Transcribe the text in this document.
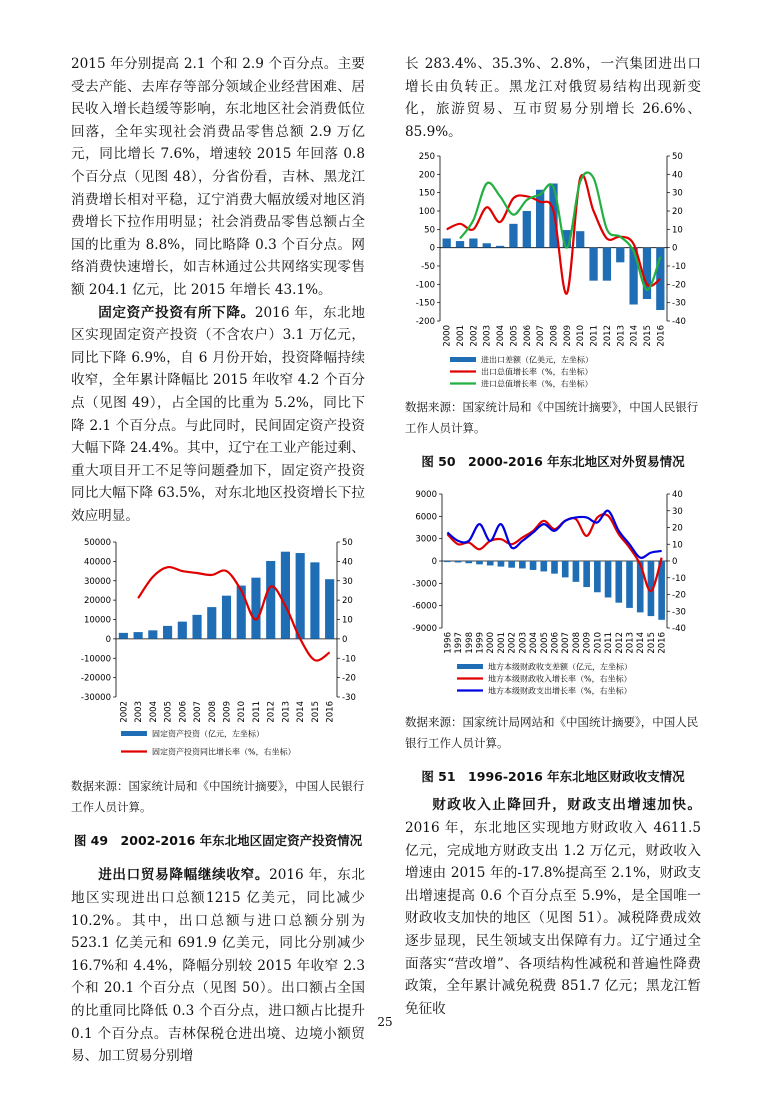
2015 年分别提高 2.1 个和 2.9 个百分点。主要受去产能、去库存等部分领域企业经营困难、居民收入增长趋缓等影响，东北地区社会消费低位回落，全年实现社会消费品零售总额 2.9 万亿元，同比增长 7.6%，增速较 2015 年回落 0.8 个百分点（见图 48），分省份看，吉林、黑龙江消费增长相对平稳，辽宁消费大幅放缓对地区消费增长下拉作用明显；社会消费品零售总额占全国的比重为 8.8%，同比略降 0.3 个百分点。网络消费快速增长，如吉林通过公共网络实现零售额 204.1 亿元，比 2015 年增长 43.1%。

固定资产投资有所下降。2016 年，东北地区实现固定资产投资（不含农户）3.1 万亿元，同比下降 6.9%，自 6 月份开始，投资降幅持续收窄，全年累计降幅比 2015 年收窄 4.2 个百分点（见图 49），占全国的比重为 5.2%，同比下降 2.1 个百分点。与此同时，民间固定资产投资大幅下降 24.4%。其中，辽宁在工业产能过剩、重大项目开工不足等问题叠加下，固定资产投资同比大幅下降 63.5%，对东北地区投资增长下拉效应明显。

-30000
-20000
-10000
0
10000
20000
30000
40000
50000
-30
-20
-10
0
10
20
30
40
50
2002 2003 2004 2005 2006 2007 2008 2009 2010 2011 2012 2013 2014 2015 2016
固定资产投资（亿元，左坐标）
固定资产投资同比增长率（%，右坐标）

数据来源：国家统计局和《中国统计摘要》，中国人民银行工作人员计算。

图 49　2002-2016 年东北地区固定资产投资情况

进出口贸易降幅继续收窄。2016 年，东北地区实现进出口总额1215 亿美元，同比减少 10.2%。其中，出口总额与进口总额分别为 523.1 亿美元和 691.9 亿美元，同比分别减少 16.7%和 4.4%，降幅分别较 2015 年收窄 2.3 个和 20.1 个百分点（见图 50）。出口额占全国的比重同比降低 0.3 个百分点，进口额占比提升 0.1 个百分点。吉林保税仓进出境、边境小额贸易、加工贸易分别增

长 283.4%、35.3%、2.8%，一汽集团进出口增长由负转正。黑龙江对俄贸易结构出现新变化，旅游贸易、互市贸易分别增长 26.6%、85.9%。

-200
-150
-100
-50
0
50
100
150
200
250
-40
-30
-20
-10
0
10
20
30
40
50
2000 2001 2002 2003 2004 2005 2006 2007 2008 2009 2010 2011 2012 2013 2014 2015 2016
进出口差额（亿美元，左坐标）
出口总值增长率（%，右坐标）
进口总值增长率（%，右坐标）

数据来源：国家统计局和《中国统计摘要》，中国人民银行工作人员计算。

图 50　2000-2016 年东北地区对外贸易情况

-9000
-6000
-3000
0
3000
6000
9000
-40
-30
-20
-10
0
10
20
30
40
1996 1997 1998 1999 2000 2001 2002 2003 2004 2005 2006 2007 2008 2009 2010 2011 2012 2013 2014 2015 2016
地方本级财政收支差额（亿元，左坐标）
地方本级财政收入增长率（%，右坐标）
地方本级财政支出增长率（%，右坐标）

数据来源：国家统计局网站和《中国统计摘要》，中国人民银行工作人员计算。

图 51　1996-2016 年东北地区财政收支情况

财政收入止降回升，财政支出增速加快。2016 年，东北地区实现地方财政收入 4611.5 亿元，完成地方财政支出 1.2 万亿元，财政收入增速由 2015 年的-17.8%提高至 2.1%，财政支出增速提高 0.6 个百分点至 5.9%，是全国唯一财政收支加快的地区（见图 51）。减税降费成效逐步显现，民生领域支出保障有力。辽宁通过全面落实“营改增”、各项结构性减税和普遍性降费政策，全年累计减免税费 851.7 亿元；黑龙江暂免征收

25
